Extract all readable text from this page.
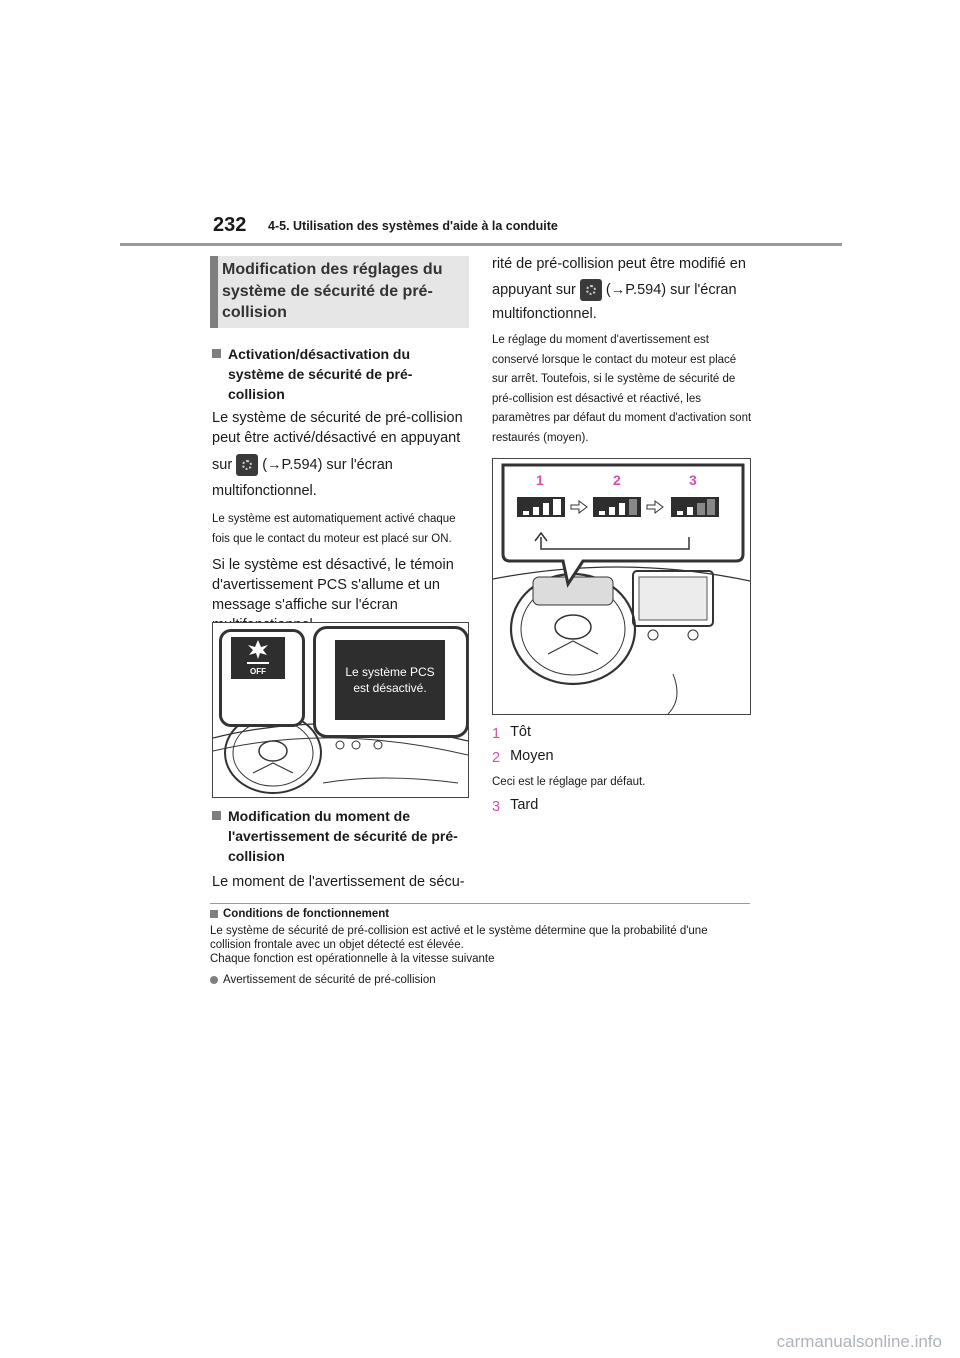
232 4-5. Utilisation des systèmes d'aide à la conduite
Modification des réglages du système de sécurité de pré-collision
Activation/désactivation du système de sécurité de pré-collision
Le système de sécurité de pré-collision peut être activé/désactivé en appuyant
sur (→P.594) sur l'écran multifonctionnel.
Le système est automatiquement activé chaque fois que le contact du moteur est placé sur ON.
Si le système est désactivé, le témoin d'avertissement PCS s'allume et un message s'affiche sur l'écran
OFF	Le système PCS est désactivé.
Modification du moment de l'avertissement de sécurité de pré-collision
Le moment de l'avertissement de sécu-
rité de pré-collision peut être modifié en
appuyant sur (→P.594) sur l'écran
multifonctionnel.
Le réglage du moment d'avertissement est conservé lorsque le contact du moteur est placé sur arrêt. Toutefois, si le système de sécurité de pré-collision est désactivé et réactivé, les paramètres par défaut du moment d'activation sont restaurés (moyen).
1	2	3
1 Tôt
2 Moyen
Ceci est le réglage par défaut.
3 Tard
Conditions de fonctionnement
Le système de sécurité de pré-collision est activé et le système détermine que la probabilité d'une collision frontale avec un objet détecté est élevée.
Chaque fonction est opérationnelle à la vitesse suivante
Avertissement de sécurité de pré-collision
carmanualsonline.info
